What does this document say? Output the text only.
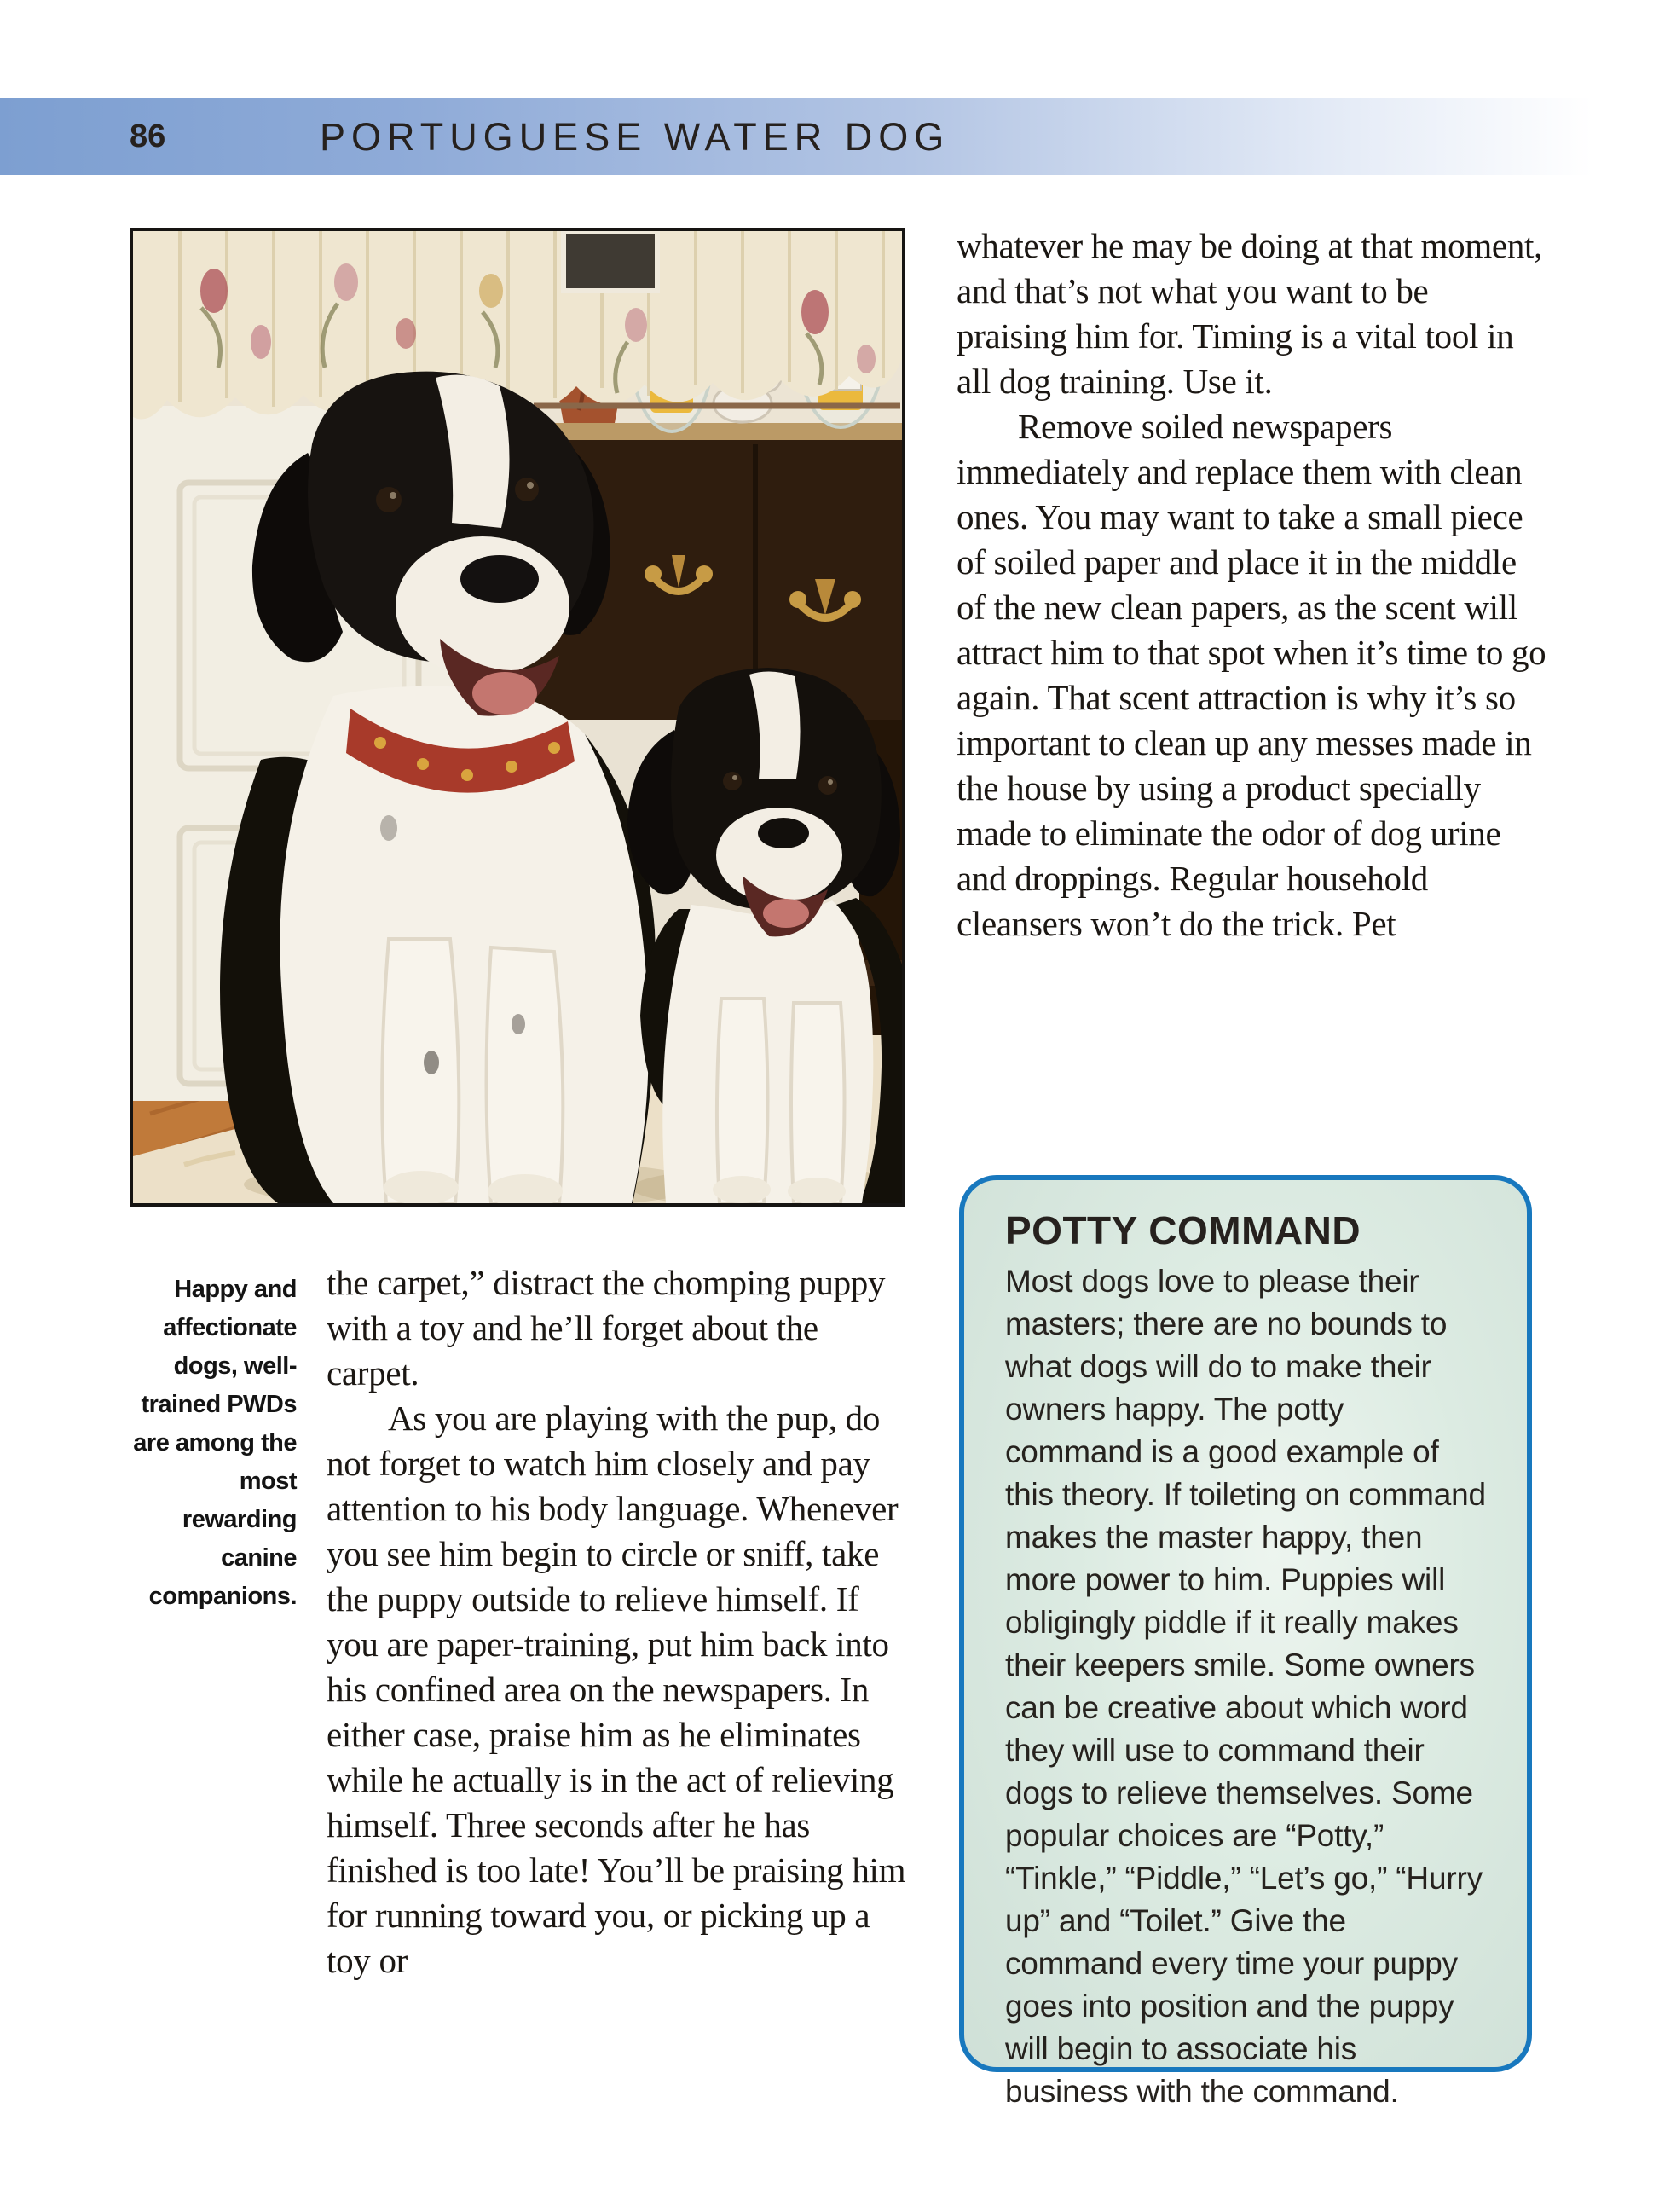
86	PORTUGUESE WATER DOG

whatever he may be doing at that moment, and that’s not what you want to be praising him for. Timing is a vital tool in all dog training. Use it.

Remove soiled newspapers immediately and replace them with clean ones. You may want to take a small piece of soiled paper and place it in the middle of the new clean papers, as the scent will attract him to that spot when it’s time to go again. That scent attraction is why it’s so important to clean up any messes made in the house by using a product specially made to eliminate the odor of dog urine and droppings. Regular household cleansers won’t do the trick. Pet

Happy and affectionate dogs, well-trained PWDs are among the most rewarding canine companions.

the carpet,” distract the chomping puppy with a toy and he’ll forget about the carpet.

As you are playing with the pup, do not forget to watch him closely and pay attention to his body language. Whenever you see him begin to circle or sniff, take the puppy outside to relieve himself. If you are paper-training, put him back into his confined area on the newspapers. In either case, praise him as he eliminates while he actually is in the act of relieving himself. Three seconds after he has finished is too late! You’ll be praising him for running toward you, or picking up a toy or

POTTY COMMAND
Most dogs love to please their masters; there are no bounds to what dogs will do to make their owners happy. The potty command is a good example of this theory. If toileting on command makes the master happy, then more power to him. Puppies will obligingly piddle if it really makes their keepers smile. Some owners can be creative about which word they will use to command their dogs to relieve themselves. Some popular choices are “Potty,” “Tinkle,” “Piddle,” “Let’s go,” “Hurry up” and “Toilet.” Give the command every time your puppy goes into position and the puppy will begin to associate his business with the command.
